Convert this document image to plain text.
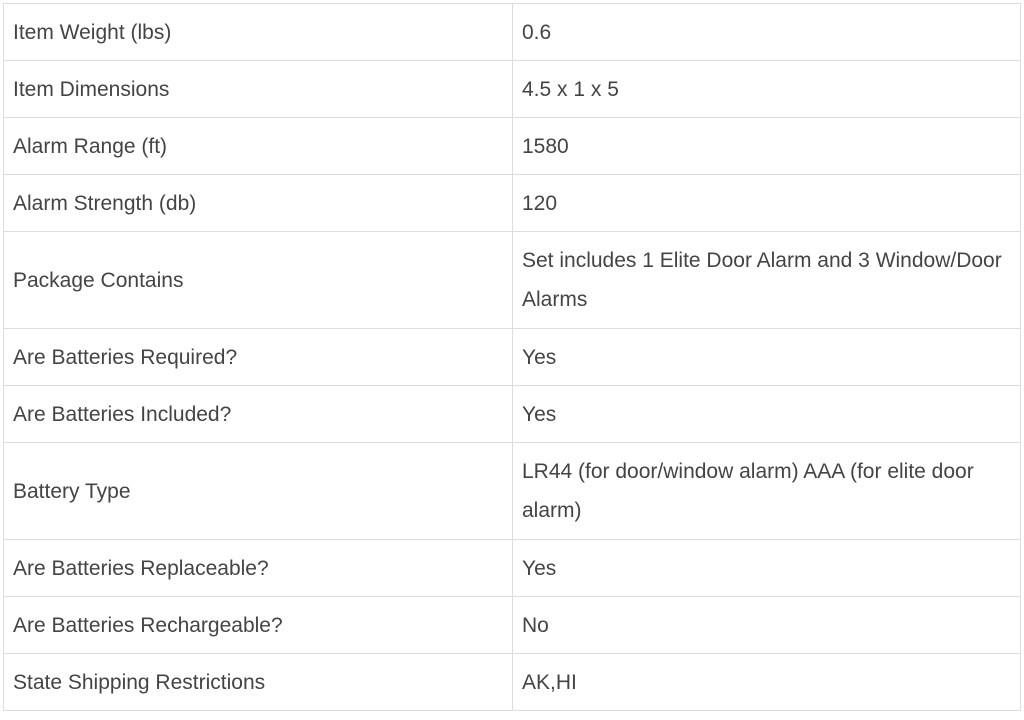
Item Weight (lbs)	0.6
Item Dimensions	4.5 x 1 x 5
Alarm Range (ft)	1580
Alarm Strength (db)	120
Package Contains	Set includes 1 Elite Door Alarm and 3 Window/Door Alarms
Are Batteries Required?	Yes
Are Batteries Included?	Yes
Battery Type	LR44 (for door/window alarm) AAA (for elite door alarm)
Are Batteries Replaceable?	Yes
Are Batteries Rechargeable?	No
State Shipping Restrictions	AK,HI
